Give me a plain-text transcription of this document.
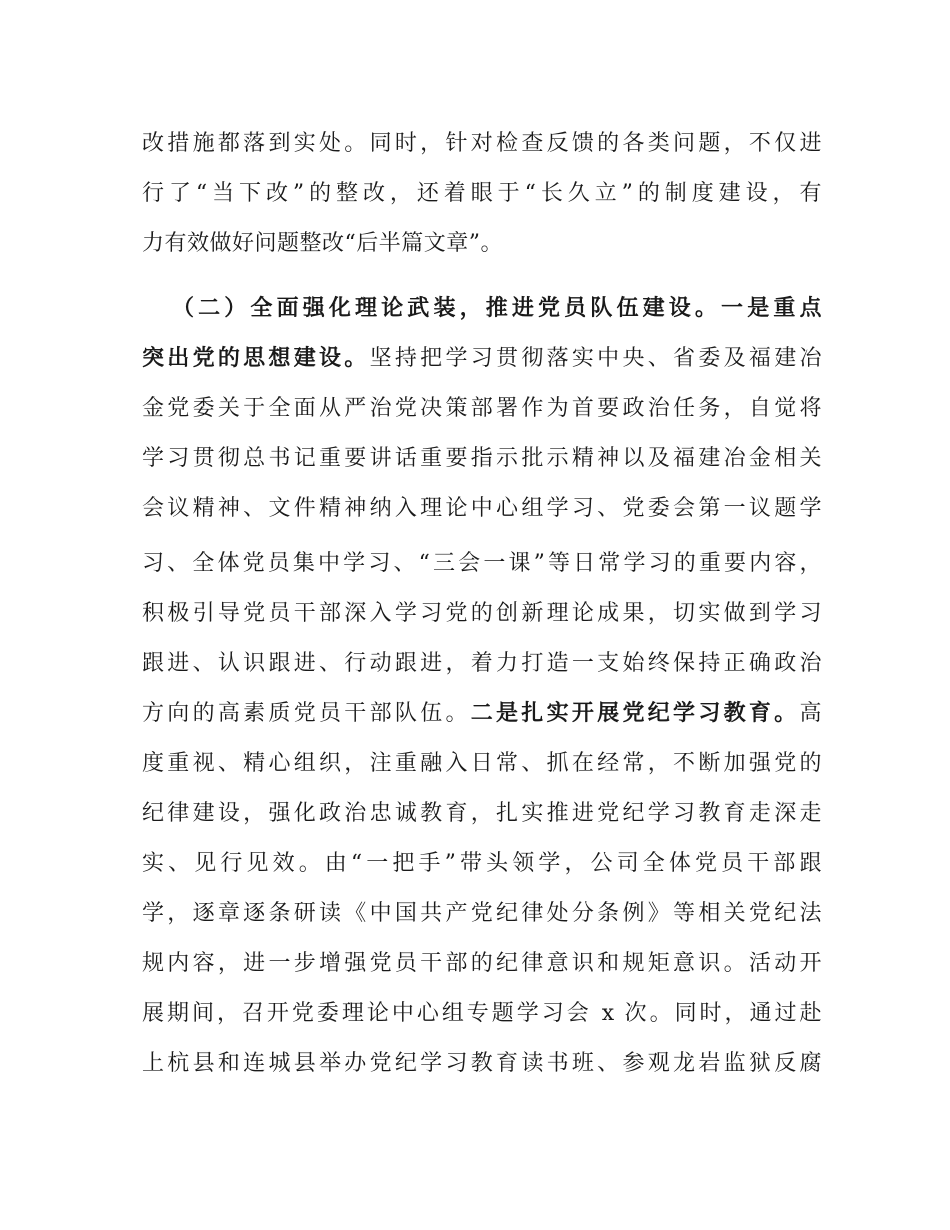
改措施都落到实处。同时，针对检查反馈的各类问题，不仅进
行了“当下改”的整改，还着眼于“长久立”的制度建设，有
力有效做好问题整改“后半篇文章”。
（二）全面强化理论武装，推进党员队伍建设。一是重点
突出党的思想建设。坚持把学习贯彻落实中央、省委及福建冶
金党委关于全面从严治党决策部署作为首要政治任务，自觉将
学习贯彻总书记重要讲话重要指示批示精神以及福建冶金相关
会议精神、文件精神纳入理论中心组学习、党委会第一议题学
习、全体党员集中学习、“三会一课”等日常学习的重要内容，
积极引导党员干部深入学习党的创新理论成果，切实做到学习
跟进、认识跟进、行动跟进，着力打造一支始终保持正确政治
方向的高素质党员干部队伍。二是扎实开展党纪学习教育。高
度重视、精心组织，注重融入日常、抓在经常，不断加强党的
纪律建设，强化政治忠诚教育，扎实推进党纪学习教育走深走
实、见行见效。由“一把手”带头领学，公司全体党员干部跟
学，逐章逐条研读《中国共产党纪律处分条例》等相关党纪法
规内容，进一步增强党员干部的纪律意识和规矩意识。活动开
展期间，召开党委理论中心组专题学习会 x 次。同时，通过赴
上杭县和连城县举办党纪学习教育读书班、参观龙岩监狱反腐
